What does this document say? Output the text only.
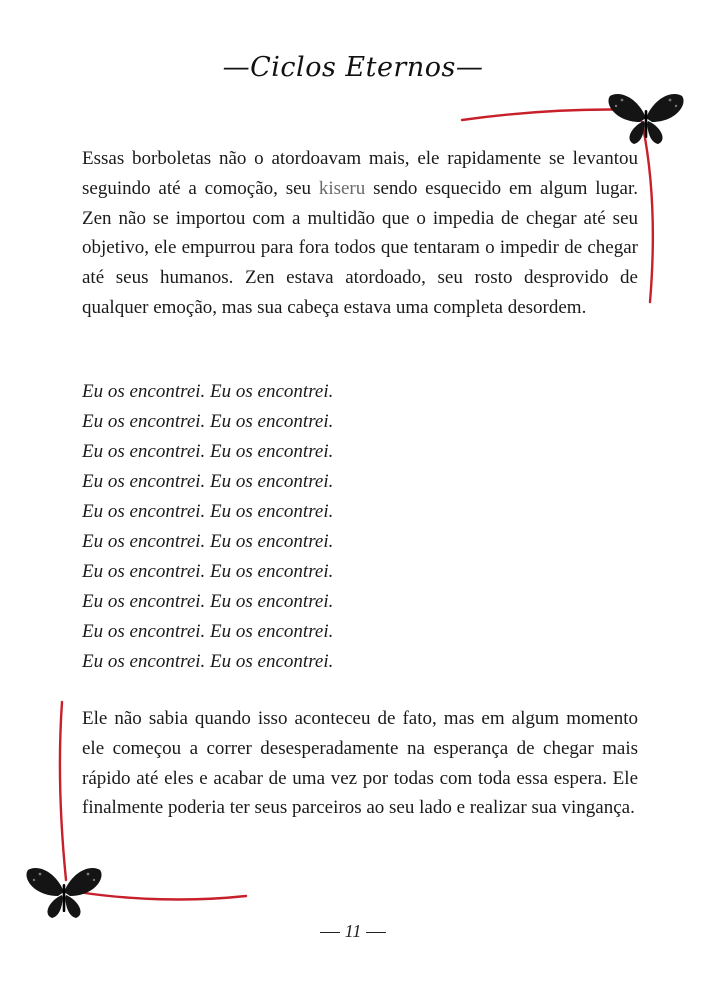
—Ciclos Eternos—

Essas borboletas não o atordoavam mais, ele rapidamente se levantou seguindo até a comoção, seu kiseru sendo esquecido em algum lugar. Zen não se importou com a multidão que o impedia de chegar até seu objetivo, ele empurrou para fora todos que tentaram o impedir de chegar até seus humanos. Zen estava atordoado, seu rosto desprovido de qualquer emoção, mas sua cabeça estava uma completa desordem.

Eu os encontrei. Eu os encontrei.
Eu os encontrei. Eu os encontrei.
Eu os encontrei. Eu os encontrei.
Eu os encontrei. Eu os encontrei.
Eu os encontrei. Eu os encontrei.
Eu os encontrei. Eu os encontrei.
Eu os encontrei. Eu os encontrei.
Eu os encontrei. Eu os encontrei.
Eu os encontrei. Eu os encontrei.
Eu os encontrei. Eu os encontrei.

Ele não sabia quando isso aconteceu de fato, mas em algum momento ele começou a correr desesperadamente na esperança de chegar mais rápido até eles e acabar de uma vez por todas com toda essa espera. Ele finalmente poderia ter seus parceiros ao seu lado e realizar sua vingança.

11
